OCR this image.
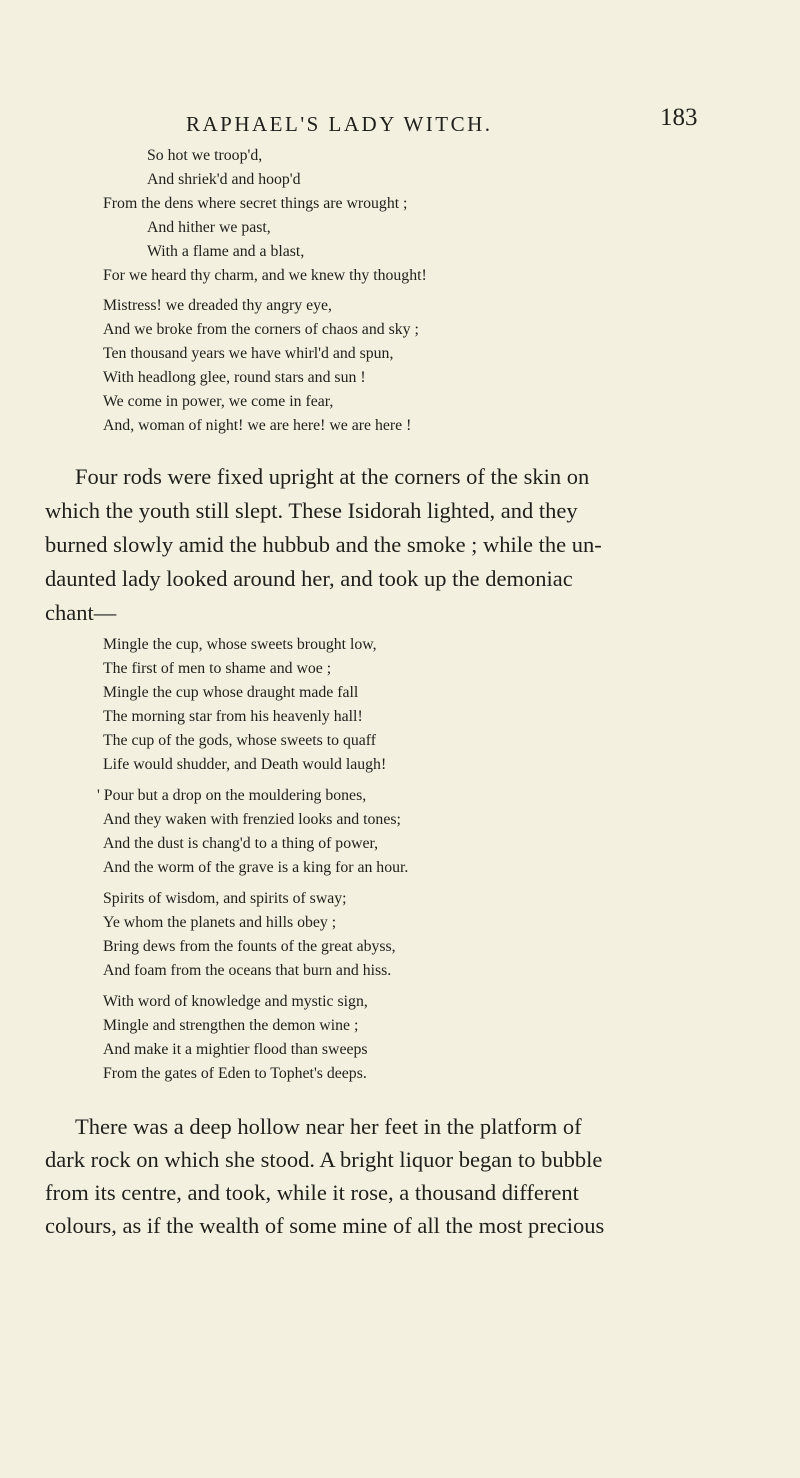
RAPHAEL'S LADY WITCH.	183
So hot we troop'd,
And shriek'd and hoop'd
From the dens where secret things are wrought ;
And hither we past,
With a flame and a blast,
For we heard thy charm, and we knew thy thought!
Mistress! we dreaded thy angry eye,
And we broke from the corners of chaos and sky ;
Ten thousand years we have whirl'd and spun,
With headlong glee, round stars and sun !
We come in power, we come in fear,
And, woman of night! we are here! we are here !
Four rods were fixed upright at the corners of the skin on
which the youth still slept. These Isidorah lighted, and they
burned slowly amid the hubbub and the smoke ; while the un-
daunted lady looked around her, and took up the demoniac
chant—
Mingle the cup, whose sweets brought low,
The first of men to shame and woe ;
Mingle the cup whose draught made fall
The morning star from his heavenly hall!
The cup of the gods, whose sweets to quaff
Life would shudder, and Death would laugh!
' Pour but a drop on the mouldering bones,
And they waken with frenzied looks and tones;
And the dust is chang'd to a thing of power,
And the worm of the grave is a king for an hour.
Spirits of wisdom, and spirits of sway;
Ye whom the planets and hills obey ;
Bring dews from the founts of the great abyss,
And foam from the oceans that burn and hiss.
With word of knowledge and mystic sign,
Mingle and strengthen the demon wine ;
And make it a mightier flood than sweeps
From the gates of Eden to Tophet's deeps.
There was a deep hollow near her feet in the platform of
dark rock on which she stood. A bright liquor began to bubble
from its centre, and took, while it rose, a thousand different
colours, as if the wealth of some mine of all the most precious
